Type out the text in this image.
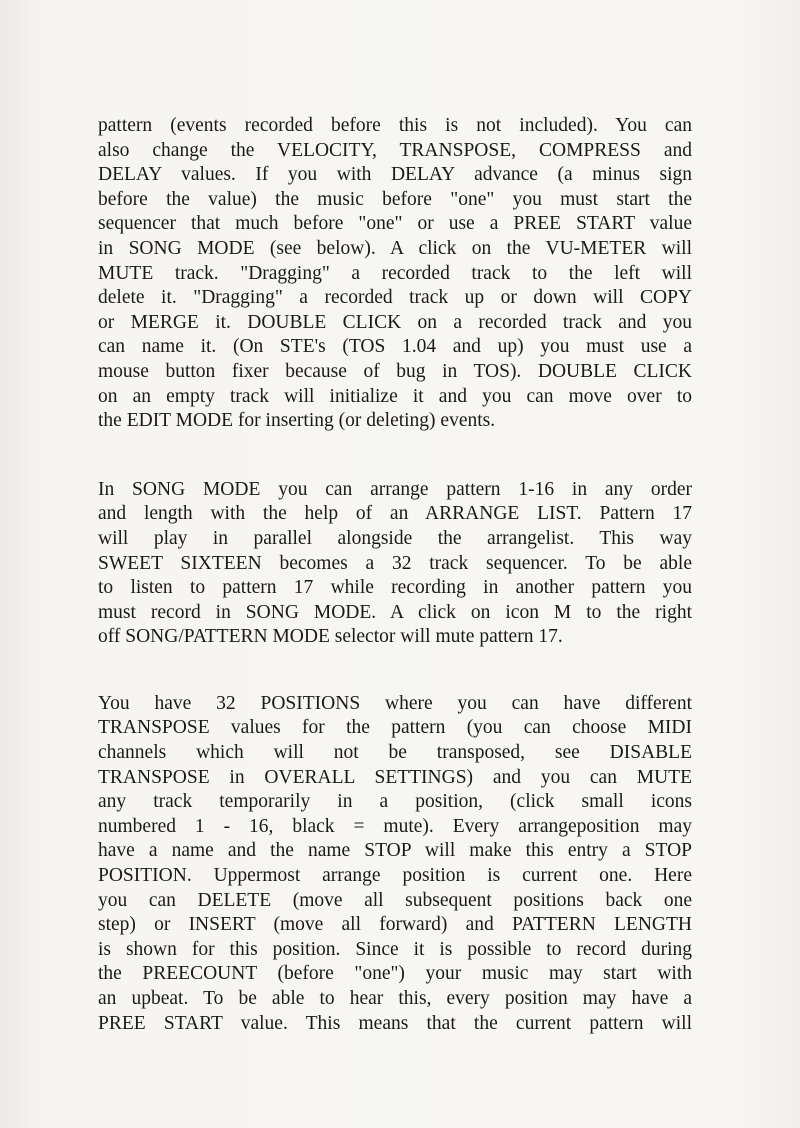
pattern (events recorded before this is not included). You can
also change the VELOCITY, TRANSPOSE, COMPRESS and
DELAY values. If you with DELAY advance (a minus sign
before the value) the music before "one" you must start the
sequencer that much before "one" or use a PREE START value
in SONG MODE (see below). A click on the VU-METER will
MUTE track. "Dragging" a recorded track to the left will
delete it. "Dragging" a recorded track up or down will COPY
or MERGE it. DOUBLE CLICK on a recorded track and you
can name it. (On STE's (TOS 1.04 and up) you must use a
mouse button fixer because of bug in TOS). DOUBLE CLICK
on an empty track will initialize it and you can move over to
the EDIT MODE for inserting (or deleting) events.
In SONG MODE you can arrange pattern 1-16 in any order
and length with the help of an ARRANGE LIST. Pattern 17
will play in parallel alongside the arrangelist. This way
SWEET SIXTEEN becomes a 32 track sequencer. To be able
to listen to pattern 17 while recording in another pattern you
must record in SONG MODE. A click on icon M to the right
off SONG/PATTERN MODE selector will mute pattern 17.
You have 32 POSITIONS where you can have different
TRANSPOSE values for the pattern (you can choose MIDI
channels which will not be transposed, see DISABLE
TRANSPOSE in OVERALL SETTINGS) and you can MUTE
any track temporarily in a position, (click small icons
numbered 1 - 16, black = mute). Every arrangeposition may
have a name and the name STOP will make this entry a STOP
POSITION. Uppermost arrange position is current one. Here
you can DELETE (move all subsequent positions back one
step) or INSERT (move all forward) and PATTERN LENGTH
is shown for this position. Since it is possible to record during
the PREECOUNT (before "one") your music may start with
an upbeat. To be able to hear this, every position may have a
PREE START value. This means that the current pattern will
